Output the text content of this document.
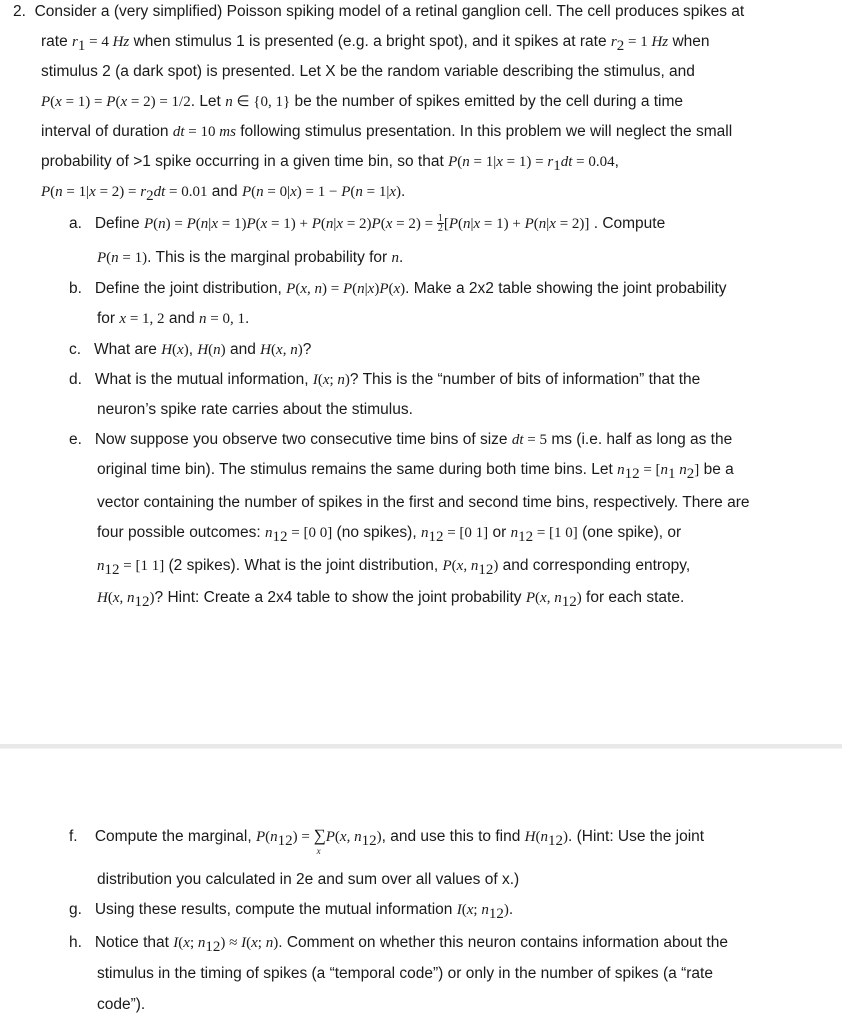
2. Consider a (very simplified) Poisson spiking model of a retinal ganglion cell. The cell produces spikes at
rate $r_1 = 4$ Hz when stimulus 1 is presented (e.g. a bright spot), and it spikes at rate $r_2 = 1$ Hz when
stimulus 2 (a dark spot) is presented. Let X be the random variable describing the stimulus, and
P(x = 1) = P(x = 2) = 1/2. Let n ∈ {0, 1} be the number of spikes emitted by the cell during a time
interval of duration dt = 10 ms following stimulus presentation. In this problem we will neglect the small
probability of >1 spike occurring in a given time bin, so that $P(n = 1|x = 1) = r_1dt = 0.04$,
$P(n = 1|x = 2) = r_2dt = 0.01$ and P(n = 0|x) = 1 − P(n = 1|x).
a. Define $P(n) = P(n|x = 1)P(x = 1) + P(n|x = 2)P(x = 2) = \frac{1}{2} [P(n|x = 1) + P(n|x = 2)]$ . Compute
P(n = 1). This is the marginal probability for n.
b. Define the joint distribution, P(x, n) = P(n|x)P(x). Make a 2x2 table showing the joint probability
for x = 1, 2 and n = 0, 1.
c. What are H(x), H(n) and H(x, n)?
d. What is the mutual information, I(x; n)? This is the “number of bits of information” that the
neuron’s spike rate carries about the stimulus.
e. Now suppose you observe two consecutive time bins of size dt = 5 ms (i.e. half as long as the
original time bin). The stimulus remains the same during both time bins. Let $n_{12} = [n_1$ $n_2$] be a
vector containing the number of spikes in the first and second time bins, respectively. There are
four possible outcomes: $n_{12} = [0$ 0] (no spikes), $n_{12} = [0$ 1] or $n_{12} = [1$ 0] (one spike), or
$n_{12} = [1$ 1] (2 spikes). What is the joint distribution, P(x, $n_{12}$) and corresponding entropy,
H(x, $n_{12}$)? Hint: Create a 2x4 table to show the joint probability P(x, $n_{12}$) for each state.
f. Compute the marginal, $P(n_{12})$ = ∑
x
P(x, $n_{12}$), and use this to find $H(n_{12})$. (Hint: Use the joint
distribution you calculated in 2e and sum over all values of x.)
g. Using these results, compute the mutual information I(x; $n_{12}$).
h. Notice that I(x; $n_{12}) \approx I(x$; n). Comment on whether this neuron contains information about the
stimulus in the timing of spikes (a “temporal code”) or only in the number of spikes (a “rate
code”).
